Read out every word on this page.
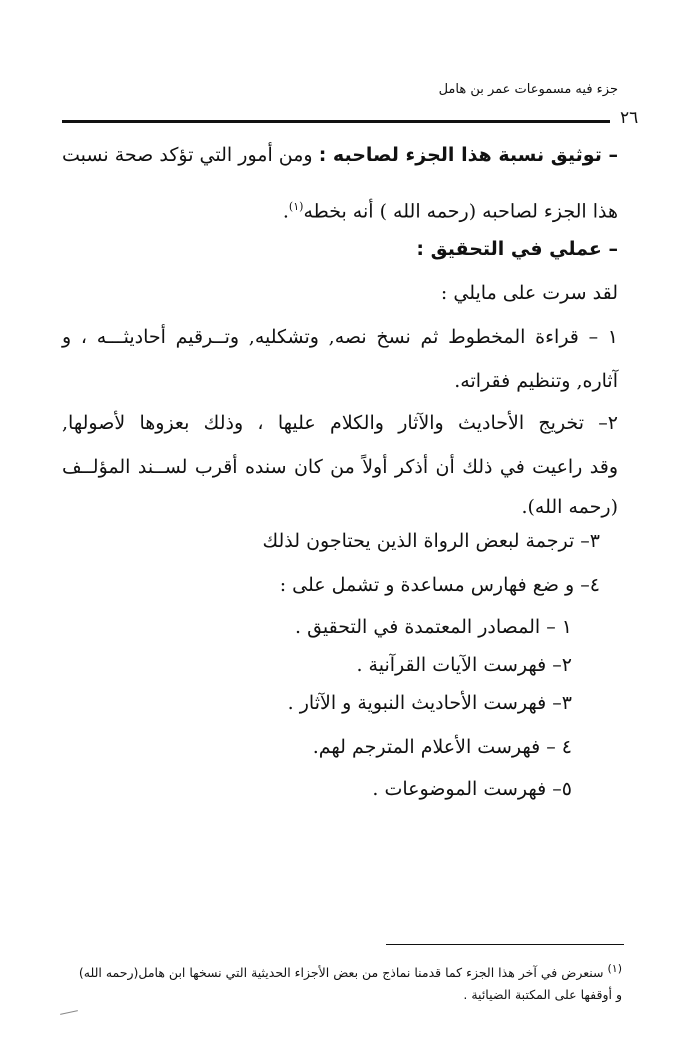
جزء فيه مسموعات عمر بن هامل
٢٦
– توثيق نسبة هذا الجزء لصاحبه : ومن أمور التي تؤكد صحة نسبت
هذا الجزء لصاحبه (رحمه الله ) أنه بخطه$^{(١)}$.
– عملي في التحقيق :
لقد سرت على مايلي :
١ – قراءة المخطوط ثم نسخ نصه, وتشكليه, وتــرقيم أحاديثـــه ، و
آثاره, وتنظيم فقراته.
٢– تخريج الأحاديث والآثار والكلام عليها ، وذلك بعزوها لأصولها,
وقد راعيت في ذلك أن أذكر أولاً من كان سنده أقرب لســند المؤلــف
(رحمه الله).
٣– ترجمة لبعض الرواة الذين يحتاجون لذلك
٤– و ضع فهارس مساعدة و تشمل على :
١ – المصادر المعتمدة في التحقيق .
٢– فهرست الآيات القرآنية .
٣– فهرست الأحاديث النبوية و الآثار .
٤ – فهرست الأعلام المترجم لهم.
٥– فهرست الموضوعات .
$^{(١)}$ سنعرض في آخر هذا الجزء كما قدمنا نماذج من بعض الأجزاء الحديثية التي نسخها ابن هامل(رحمه الله)
و أوقفها على المكتبة الضيائية .
